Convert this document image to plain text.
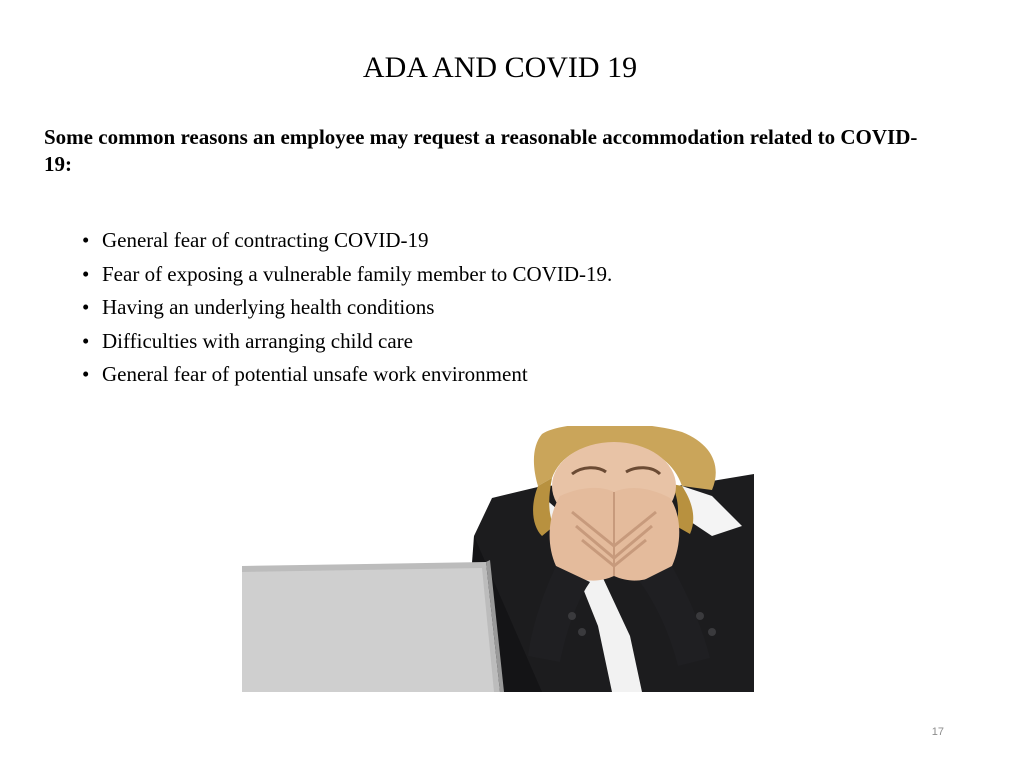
ADA AND COVID 19

Some common reasons an employee may request a reasonable accommodation related to COVID-19:

• General fear of contracting COVID-19
• Fear of exposing a vulnerable family member to COVID-19.
• Having an underlying health conditions
• Difficulties with arranging child care
• General fear of potential unsafe work environment
17
